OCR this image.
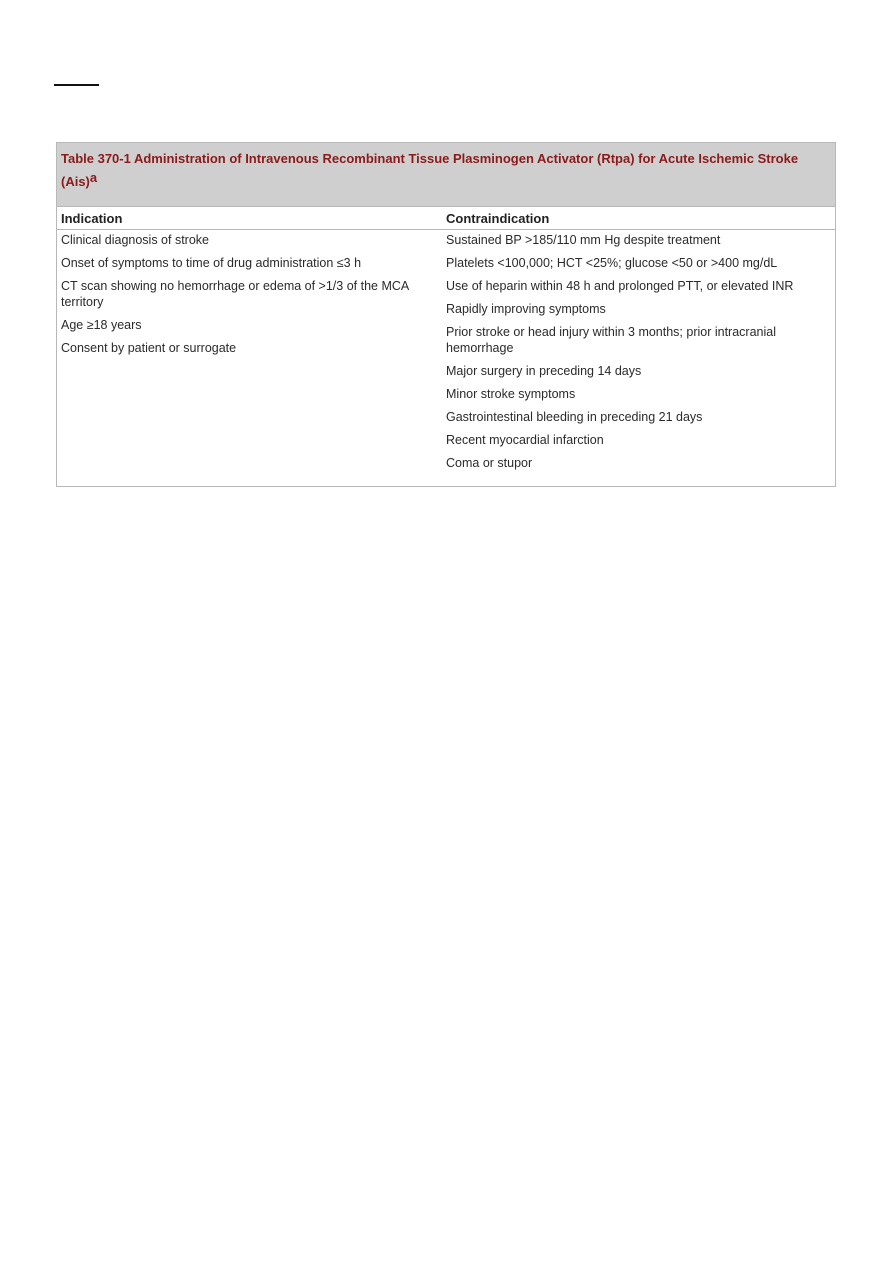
Table 370-1 Administration of Intravenous Recombinant Tissue Plasminogen Activator (Rtpa) for Acute Ischemic Stroke (Ais)$^a$
Indication	Contraindication
Clinical diagnosis of stroke
Onset of symptoms to time of drug administration ≤3 h
CT scan showing no hemorrhage or edema of >1/3 of the MCA territory
Age ≥18 years
Consent by patient or surrogate
Sustained BP >185/110 mm Hg despite treatment
Platelets <100,000; HCT <25%; glucose <50 or >400 mg/dL
Use of heparin within 48 h and prolonged PTT, or elevated INR
Rapidly improving symptoms
Prior stroke or head injury within 3 months; prior intracranial hemorrhage
Major surgery in preceding 14 days
Minor stroke symptoms
Gastrointestinal bleeding in preceding 21 days
Recent myocardial infarction
Coma or stupor
